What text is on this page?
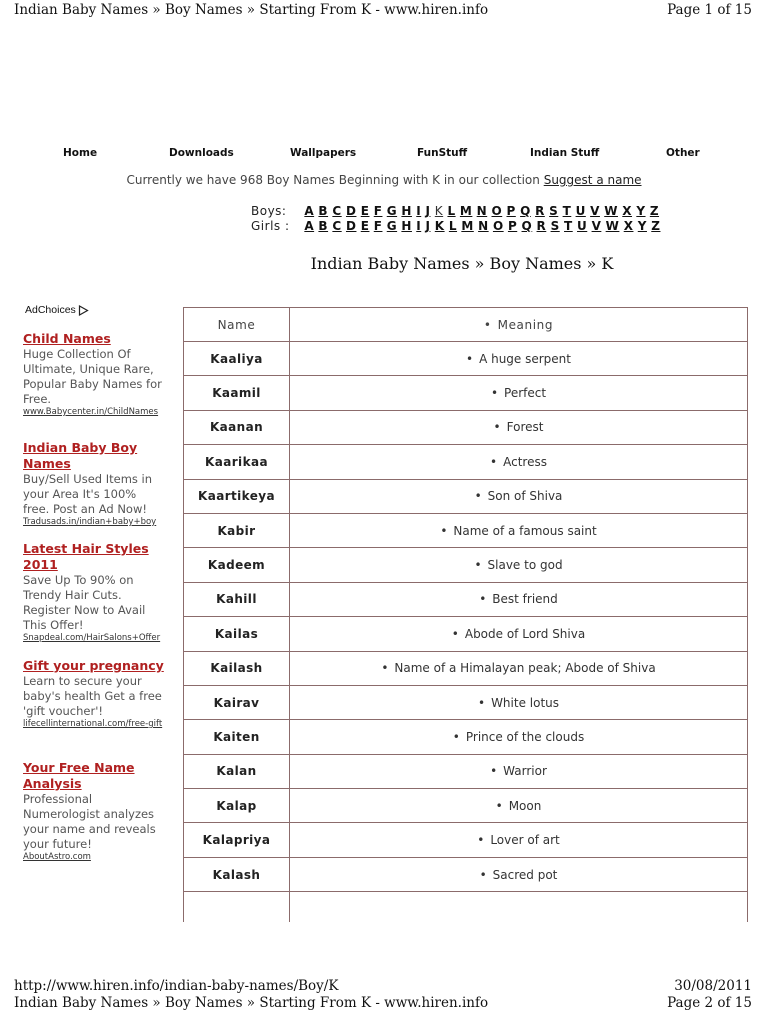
Indian Baby Names » Boy Names » Starting From K - www.hiren.info	Page 1 of 15
Home	Downloads	Wallpapers	FunStuff	Indian Stuff	Other
Currently we have 968 Boy Names Beginning with K in our collection Suggest a name
Boys: A B C D E F G H I J K L M N O P Q R S T U V W X Y Z
Girls : A B C D E F G H I J K L M N O P Q R S T U V W X Y Z
Indian Baby Names » Boy Names » K
AdChoices
Child Names
Huge Collection Of Ultimate, Unique Rare, Popular Baby Names for Free.
www.Babycenter.in/ChildNames
Indian Baby Boy Names
Buy/Sell Used Items in your Area It's 100% free. Post an Ad Now!
Tradusads.in/indian+baby+boy
Latest Hair Styles 2011
Save Up To 90% on Trendy Hair Cuts. Register Now to Avail This Offer!
Snapdeal.com/HairSalons+Offer
Gift your pregnancy
Learn to secure your baby's health Get a free 'gift voucher'!
lifecellinternational.com/free-gift
Your Free Name Analysis
Professional Numerologist analyzes your name and reveals your future!
AboutAstro.com
Name	• Meaning
Kaaliya	• A huge serpent
Kaamil	• Perfect
Kaanan	• Forest
Kaarikaa	• Actress
Kaartikeya	• Son of Shiva
Kabir	• Name of a famous saint
Kadeem	• Slave to god
Kahill	• Best friend
Kailas	• Abode of Lord Shiva
Kailash	• Name of a Himalayan peak; Abode of Shiva
Kairav	• White lotus
Kaiten	• Prince of the clouds
Kalan	• Warrior
Kalap	• Moon
Kalapriya	• Lover of art
Kalash	• Sacred pot

http://www.hiren.info/indian-baby-names/Boy/K	30/08/2011
Indian Baby Names » Boy Names » Starting From K - www.hiren.info	Page 2 of 15
